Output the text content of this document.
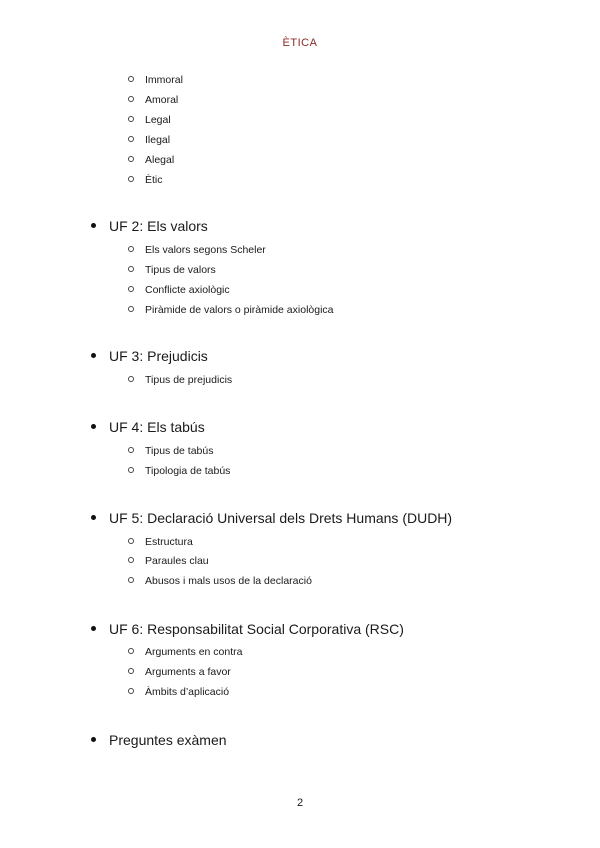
ÈTICA
Immoral
Amoral
Legal
Ilegal
Alegal
Ètic
UF 2: Els valors
Els valors segons Scheler
Tipus de valors
Conflicte axiològic
Piràmide de valors o piràmide axiològica
UF 3: Prejudicis
Tipus de prejudicis
UF 4: Els tabús
Tipus de tabús
Tipologia de tabús
UF 5: Declaració Universal dels Drets Humans (DUDH)
Estructura
Paraules clau
Abusos i mals usos de la declaració
UF 6: Responsabilitat Social Corporativa (RSC)
Arguments en contra
Arguments a favor
Àmbits d’aplicació
Preguntes exàmen
2
